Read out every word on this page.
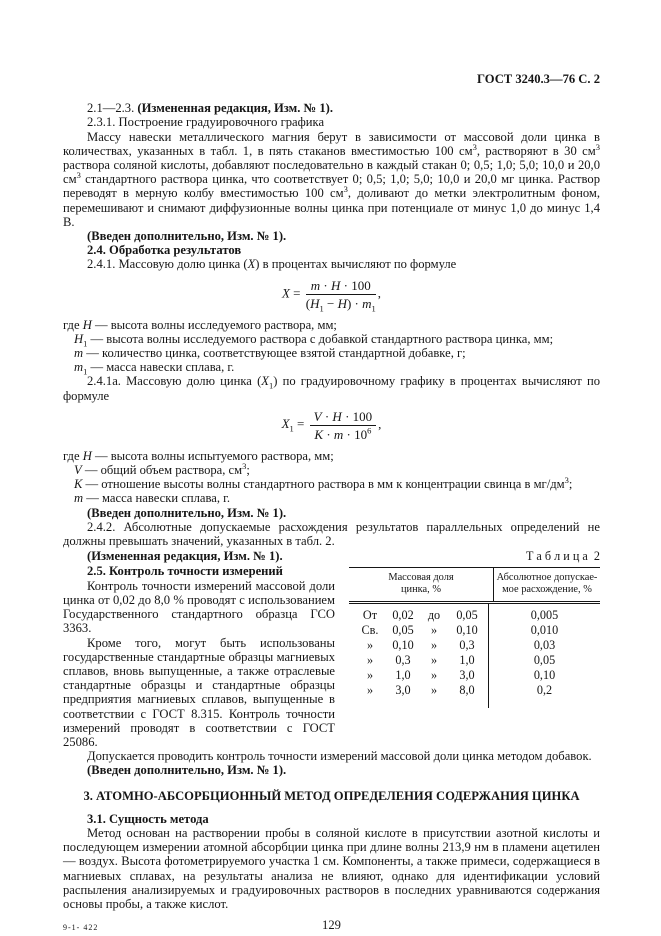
ГОСТ 3240.3—76 С. 2

2.1—2.3. (Измененная редакция, Изм. № 1).

2.3.1. Построение градуировочного графика

Массу навески металлического магния берут в зависимости от массовой доли цинка в количествах, указанных в табл. 1, в пять стаканов вместимостью 100 $см^3$, растворяют в 30 $см^3$ раствора соляной кислоты, добавляют последовательно в каждый стакан 0; 0,5; 1,0; 5,0; 10,0 и 20,0 $см^3$ стандартного раствора цинка, что соответствует 0; 0,5; 1,0; 5,0; 10,0 и 20,0 мг цинка. Раствор переводят в мерную колбу вместимостью 100 $см^3$, доливают до метки электролитным фоном, перемешивают и снимают диффузионные волны цинка при потенциале от минус 1,0 до минус 1,4 В.

(Введен дополнительно, Изм. № 1).

2.4. Обработка результатов

2.4.1. Массовую долю цинка (X) в процентах вычисляют по формуле

$X = \frac{m \cdot H \cdot 100}{(H_1 - H) \cdot m_1}$ ,

где H — высота волны исследуемого раствора, мм;

$H_1$ — высота волны исследуемого раствора с добавкой стандартного раствора цинка, мм;

m — количество цинка, соответствующее взятой стандартной добавке, г;

$m_1$ — масса навески сплава, г.

2.4.1а. Массовую долю цинка $(X_1)$ по градуировочному графику в процентах вычисляют по формуле

$X_1 = \frac{V \cdot H \cdot 100}{K \cdot m \cdot 10^6}$ ,

где H — высота волны испытуемого раствора, мм;

V — общий объем раствора, $см^3$;

K — отношение высоты волны стандартного раствора в мм к концентрации свинца в $мг/дм^3$;

m — масса навески сплава, г.

(Введен дополнительно, Изм. № 1).

2.4.2. Абсолютные допускаемые расхождения результатов параллельных определений не должны превышать значений, указанных в табл. 2.

(Измененная редакция, Изм. № 1).	Т а б л и ц а  2

2.5. Контроль точности измерений

Контроль точности измерений массовой доли цинка от 0,02 до 8,0 % проводят с использованием Государственного стандартного образца ГСО 3363.

Кроме того, могут быть использованы государственные стандартные образцы магниевых сплавов, вновь выпущенные, а также отраслевые стандартные образцы и стандартные образцы предприятия магниевых сплавов, выпущенные в соответствии с ГОСТ 8.315. Контроль точности измерений проводят в соответствии с ГОСТ 25086.

Массовая доля
цинка, %
Абсолютное допускае-
мое расхождение, %
От	0,02	до	0,05	0,005
Св.	0,05	»	0,10	0,010
»	0,10	»	0,3	0,03
»	0,3	»	1,0	0,05
»	1,0	»	3,0	0,10
»	3,0	»	8,0	0,2

Допускается проводить контроль точности измерений массовой доли цинка методом добавок.

(Введен дополнительно, Изм. № 1).

3. АТОМНО-АБСОРБЦИОННЫЙ МЕТОД ОПРЕДЕЛЕНИЯ СОДЕРЖАНИЯ ЦИНКА

3.1. Сущность метода

Метод основан на растворении пробы в соляной кислоте в присутствии азотной кислоты и последующем измерении атомной абсорбции цинка при длине волны 213,9 нм в пламени ацетилен — воздух. Высота фотометрируемого участка 1 см. Компоненты, а также примеси, содержащиеся в магниевых сплавах, на результаты анализа не влияют, однако для идентификации условий распыления анализируемых и градуировочных растворов в последних уравниваются содержания основы пробы, а также кислот.

9-1- 422	129
